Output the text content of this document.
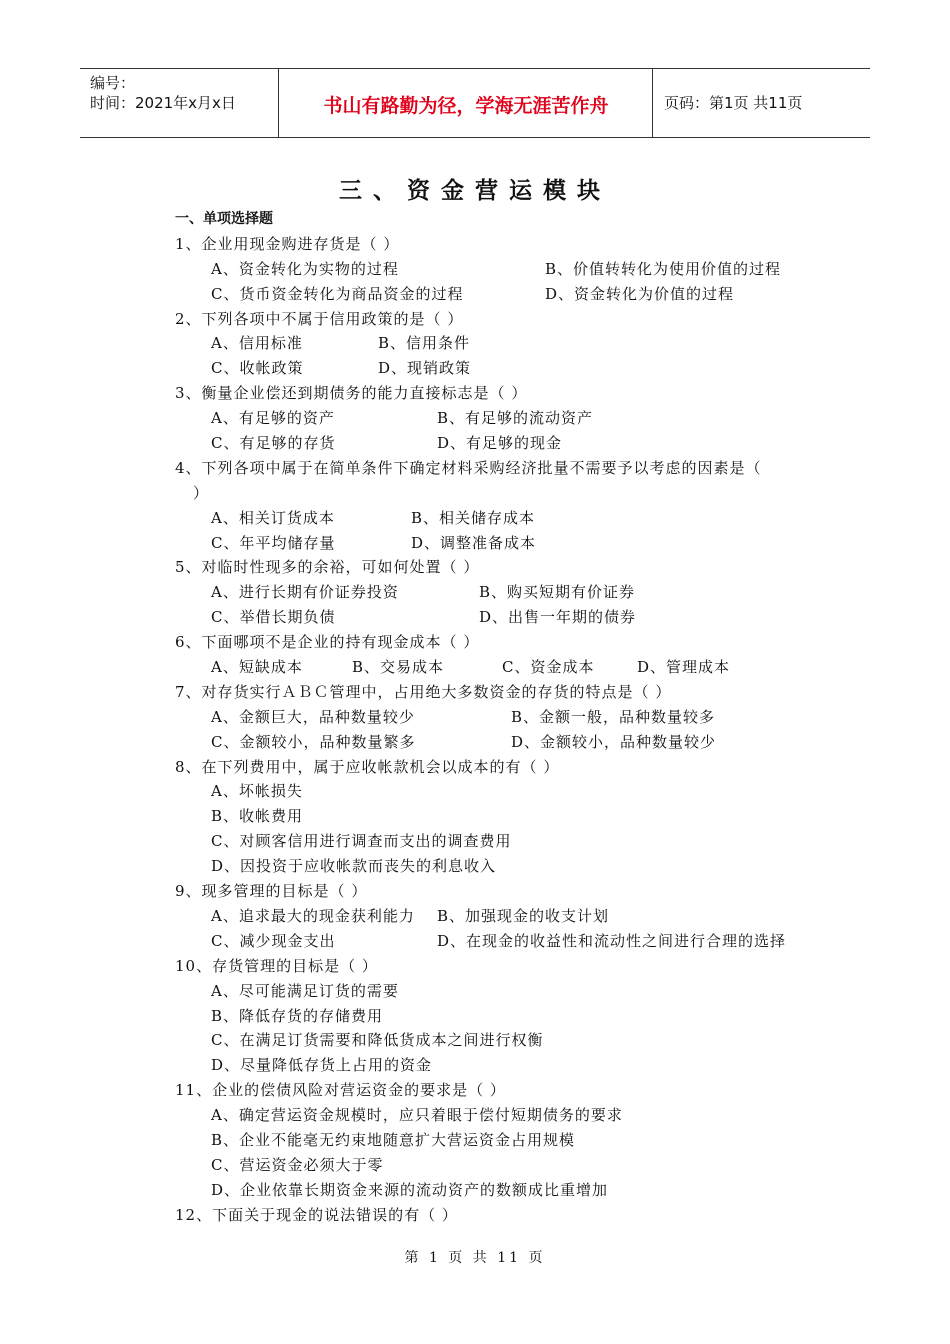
编号：
时间：2021年x月x日	书山有路勤为径，学海无涯苦作舟	页码：第1页 共11页
三、资金营运模块
一、单项选择题
1、企业用现金购进存货是（ ）
A、资金转化为实物的过程	B、价值转转化为使用价值的过程
C、货币资金转化为商品资金的过程	D、资金转化为价值的过程
2、下列各项中不属于信用政策的是（ ）
A、信用标准	B、信用条件
C、收帐政策	D、现销政策
3、衡量企业偿还到期债务的能力直接标志是（ ）
A、有足够的资产	B、有足够的流动资产
C、有足够的存货	D、有足够的现金
4、下列各项中属于在简单条件下确定材料采购经济批量不需要予以考虑的因素是（
）
A、相关订货成本	B、相关储存成本
C、年平均储存量	D、调整准备成本
5、对临时性现多的余裕，可如何处置（ ）
A、进行长期有价证券投资	B、购买短期有价证券
C、举借长期负债	D、出售一年期的债券
6、下面哪项不是企业的持有现金成本（ ）
A、短缺成本	B、交易成本	C、资金成本	D、管理成本
7、对存货实行ＡＢＣ管理中，占用绝大多数资金的存货的特点是（ ）
A、金额巨大，品种数量较少	B、金额一般，品种数量较多
C、金额较小，品种数量繁多	D、金额较小，品种数量较少
8、在下列费用中，属于应收帐款机会以成本的有（ ）
A、坏帐损失
B、收帐费用
C、对顾客信用进行调查而支出的调查费用
D、因投资于应收帐款而丧失的利息收入
9、现多管理的目标是（ ）
A、追求最大的现金获利能力 B、加强现金的收支计划
C、减少现金支出	D、在现金的收益性和流动性之间进行合理的选择
10、存货管理的目标是（ ）
A、尽可能满足订货的需要
B、降低存货的存储费用
C、在满足订货需要和降低货成本之间进行权衡
D、尽量降低存货上占用的资金
11、企业的偿债风险对营运资金的要求是（ ）
A、确定营运资金规模时，应只着眼于偿付短期债务的要求
B、企业不能毫无约束地随意扩大营运资金占用规模
C、营运资金必须大于零
D、企业依靠长期资金来源的流动资产的数额成比重增加
12、下面关于现金的说法错误的有（ ）
第 1 页 共 11 页
